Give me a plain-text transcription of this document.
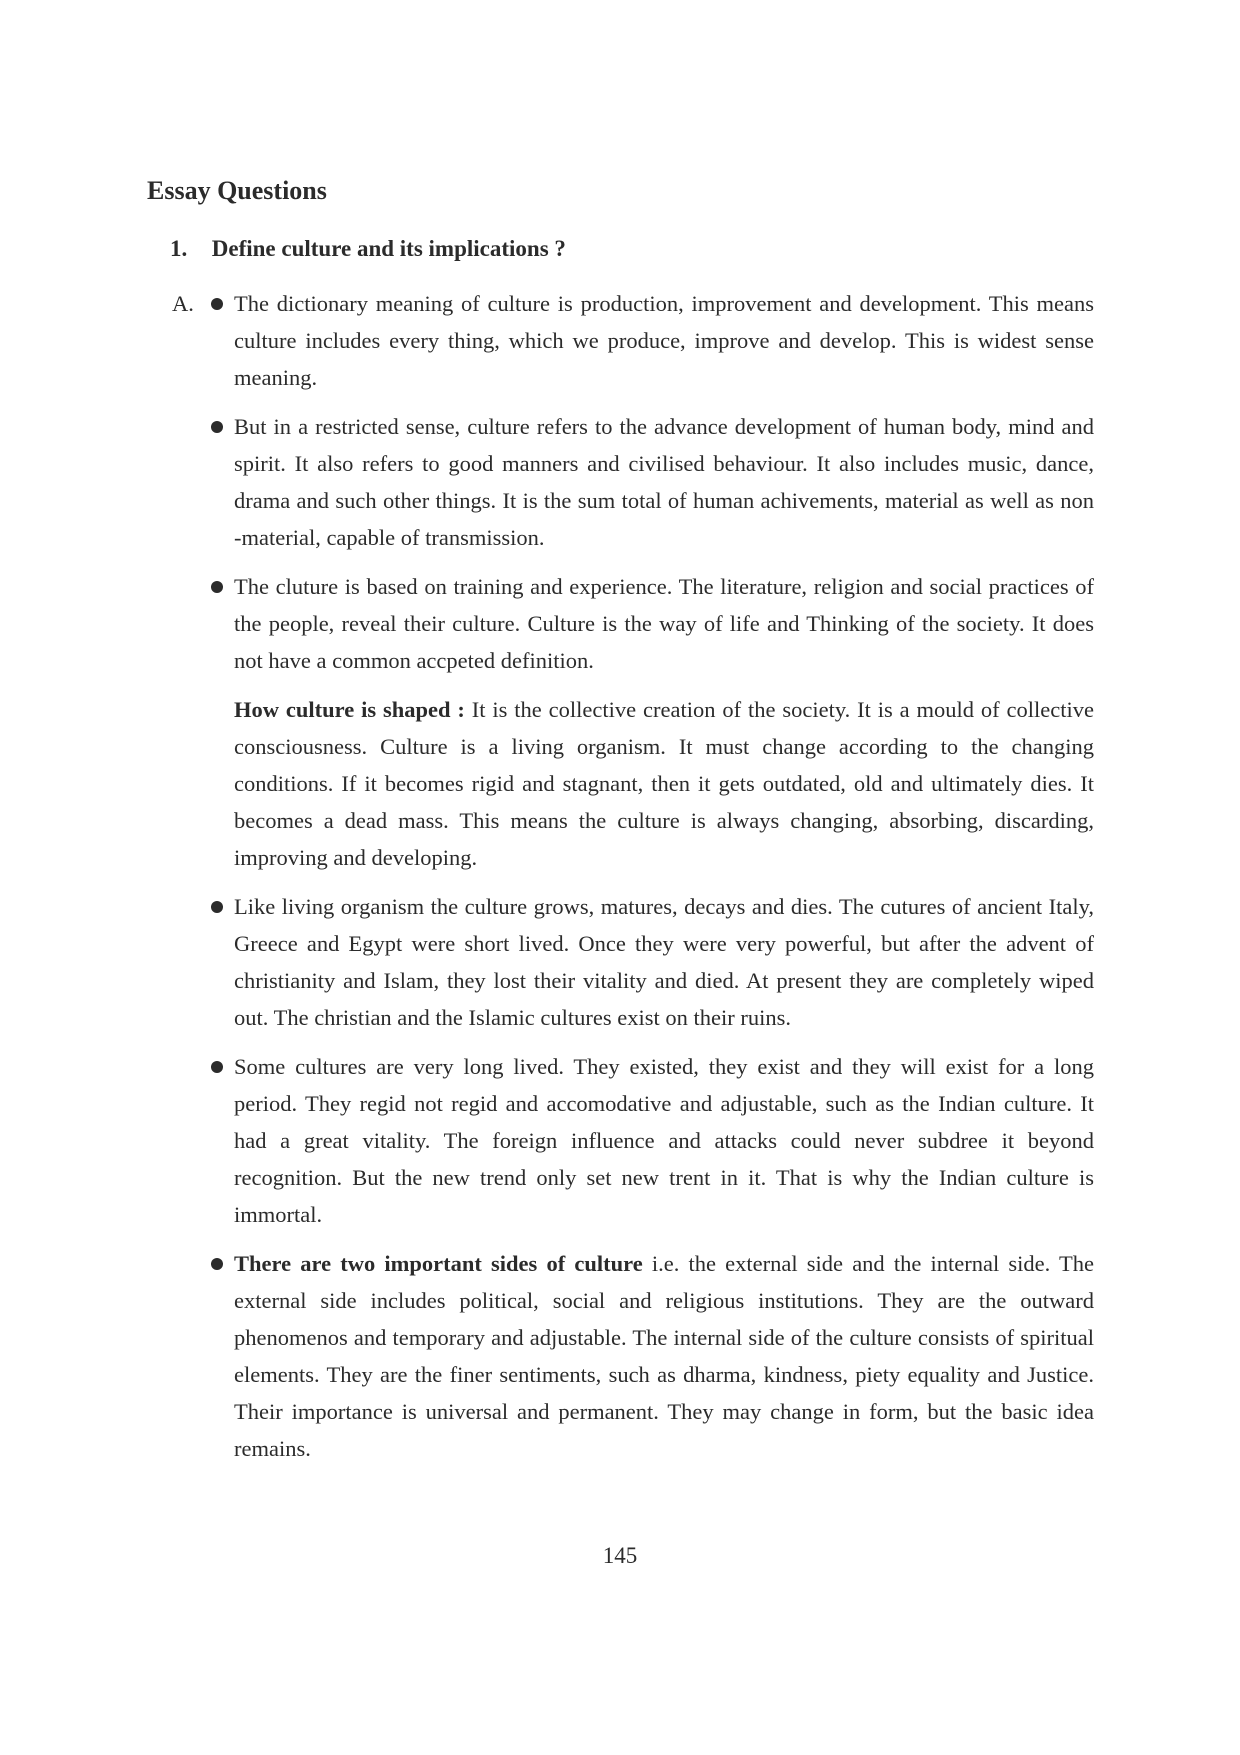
Essay Questions

1. Define culture and its implications ?

A. The dictionary meaning of culture is production, improvement and development. This means culture includes every thing, which we produce, improve and develop. This is widest sense meaning.

But in a restricted sense, culture refers to the advance development of human body, mind and spirit. It also refers to good manners and civilised behaviour. It also includes music, dance, drama and such other things. It is the sum total of human achivements, material as well as non -material, capable of transmission.

The cluture is based on training and experience. The literature, religion and social practices of the people, reveal their culture. Culture is the way of life and Thinking of the society. It does not have a common accpeted definition.

How culture is shaped : It is the collective creation of the society. It is a mould of collective consciousness. Culture is a living organism. It must change according to the changing conditions. If it becomes rigid and stagnant, then it gets outdated, old and ultimately dies. It becomes a dead mass. This means the culture is always changing, absorbing, discarding, improving and developing.

Like living organism the culture grows, matures, decays and dies. The cutures of ancient Italy, Greece and Egypt were short lived. Once they were very powerful, but after the advent of christianity and Islam, they lost their vitality and died. At present they are completely wiped out. The christian and the Islamic cultures exist on their ruins.

Some cultures are very long lived. They existed, they exist and they will exist for a long period. They regid not regid and accomodative and adjustable, such as the Indian culture. It had a great vitality. The foreign influence and attacks could never subdree it beyond recognition. But the new trend only set new trent in it. That is why the Indian culture is immortal.

There are two important sides of culture i.e. the external side and the internal side. The external side includes political, social and religious institutions. They are the outward phenomenos and temporary and adjustable. The internal side of the culture consists of spiritual elements. They are the finer sentiments, such as dharma, kindness, piety equality and Justice. Their importance is universal and permanent. They may change in form, but the basic idea remains.

145
